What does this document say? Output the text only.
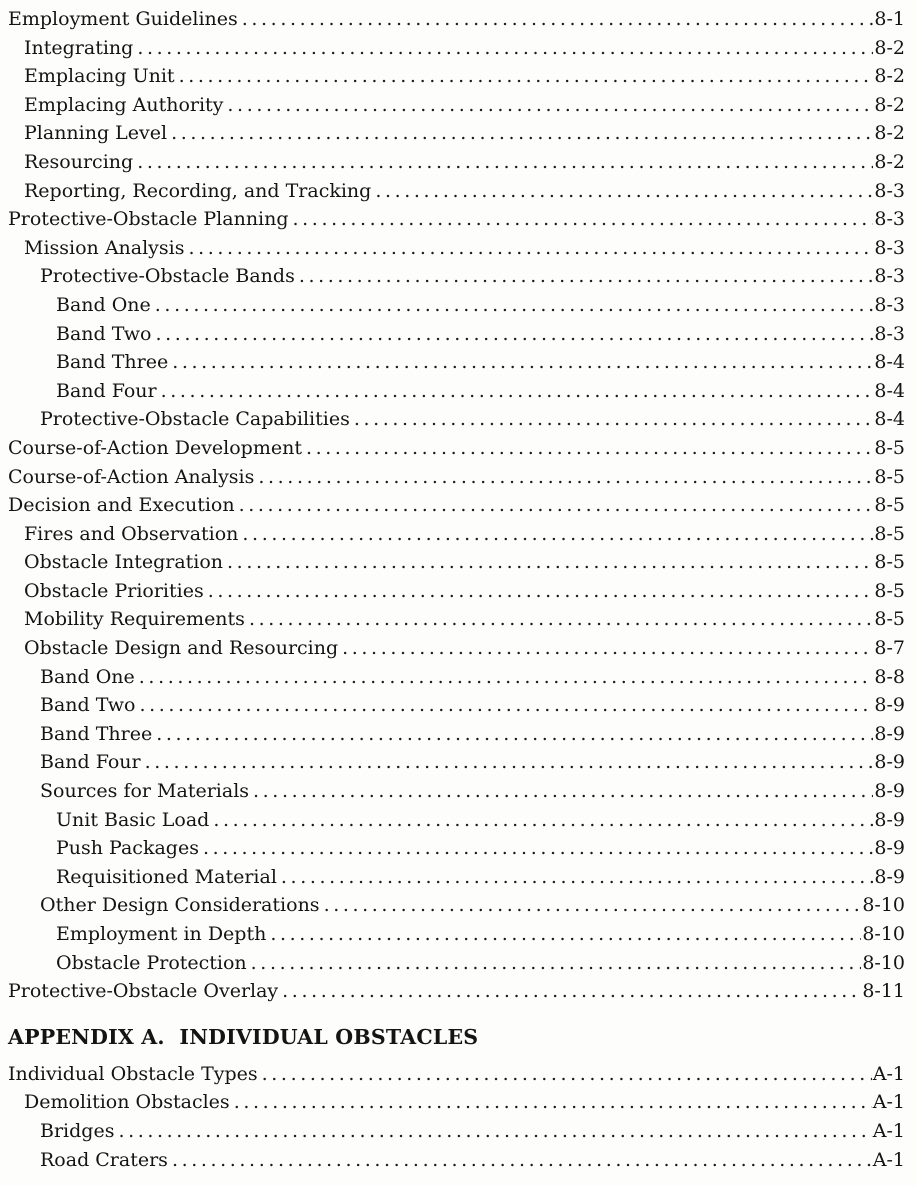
Employment Guidelines .....	8-1
Integrating .....	8-2
Emplacing Unit .....	8-2
Emplacing Authority .....	8-2
Planning Level .....	8-2
Resourcing .....	8-2
Reporting, Recording, and Tracking .....	8-3
Protective-Obstacle Planning .....	8-3
Mission Analysis .....	8-3
Protective-Obstacle Bands .....	8-3
Band One .....	8-3
Band Two .....	8-3
Band Three .....	8-4
Band Four .....	8-4
Protective-Obstacle Capabilities .....	8-4
Course-of-Action Development .....	8-5
Course-of-Action Analysis .....	8-5
Decision and Execution .....	8-5
Fires and Observation .....	8-5
Obstacle Integration .....	8-5
Obstacle Priorities .....	8-5
Mobility Requirements .....	8-5
Obstacle Design and Resourcing .....	8-7
Band One .....	8-8
Band Two .....	8-9
Band Three .....	8-9
Band Four .....	8-9
Sources for Materials .....	8-9
Unit Basic Load .....	8-9
Push Packages .....	8-9
Requisitioned Material .....	8-9
Other Design Considerations .....	8-10
Employment in Depth .....	8-10
Obstacle Protection .....	8-10
Protective-Obstacle Overlay .....	8-11
APPENDIX A.  INDIVIDUAL OBSTACLES
Individual Obstacle Types .....	A-1
Demolition Obstacles .....	A-1
Bridges .....	A-1
Road Craters .....	A-1
